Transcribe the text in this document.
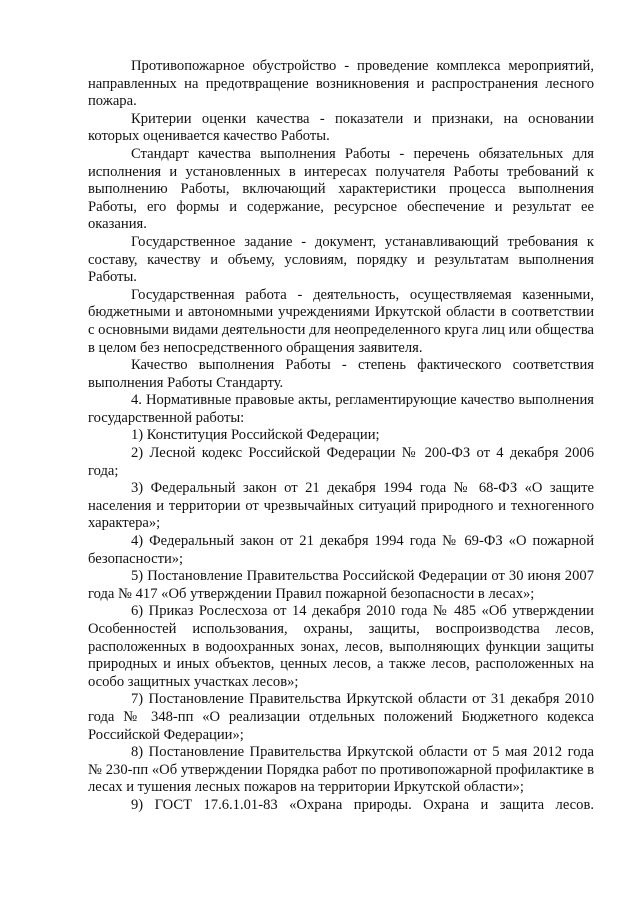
Противопожарное обустройство - проведение комплекса мероприятий, направленных на предотвращение возникновения и распространения лесного пожара.

Критерии оценки качества - показатели и признаки, на основании которых оценивается качество Работы.

Стандарт качества выполнения Работы - перечень обязательных для исполнения и установленных в интересах получателя Работы требований к выполнению Работы, включающий характеристики процесса выполнения Работы, его формы и содержание, ресурсное обеспечение и результат ее оказания.

Государственное задание - документ, устанавливающий требования к составу, качеству и объему, условиям, порядку и результатам выполнения Работы.

Государственная работа - деятельность, осуществляемая казенными, бюджетными и автономными учреждениями Иркутской области в соответствии с основными видами деятельности для неопределенного круга лиц или общества в целом без непосредственного обращения заявителя.

Качество выполнения Работы - степень фактического соответствия выполнения Работы Стандарту.

4. Нормативные правовые акты, регламентирующие качество выполнения государственной работы:

1) Конституция Российской Федерации;

2) Лесной кодекс Российской Федерации № 200-ФЗ от 4 декабря 2006 года;

3) Федеральный закон от 21 декабря 1994 года № 68-ФЗ «О защите населения и территории от чрезвычайных ситуаций природного и техногенного характера»;

4) Федеральный закон от 21 декабря 1994 года № 69-ФЗ «О пожарной безопасности»;

5) Постановление Правительства Российской Федерации от 30 июня 2007 года № 417 «Об утверждении Правил пожарной безопасности в лесах»;

6) Приказ Рослесхоза от 14 декабря 2010 года № 485 «Об утверждении Особенностей использования, охраны, защиты, воспроизводства лесов, расположенных в водоохранных зонах, лесов, выполняющих функции защиты природных и иных объектов, ценных лесов, а также лесов, расположенных на особо защитных участках лесов»;

7) Постановление Правительства Иркутской области от 31 декабря 2010 года № 348-пп «О реализации отдельных положений Бюджетного кодекса Российской Федерации»;

8) Постановление Правительства Иркутской области от 5 мая 2012 года № 230-пп «Об утверждении Порядка работ по противопожарной профилактике в лесах и тушения лесных пожаров на территории Иркутской области»;

9) ГОСТ 17.6.1.01-83 «Охрана природы. Охрана и защита лесов.
